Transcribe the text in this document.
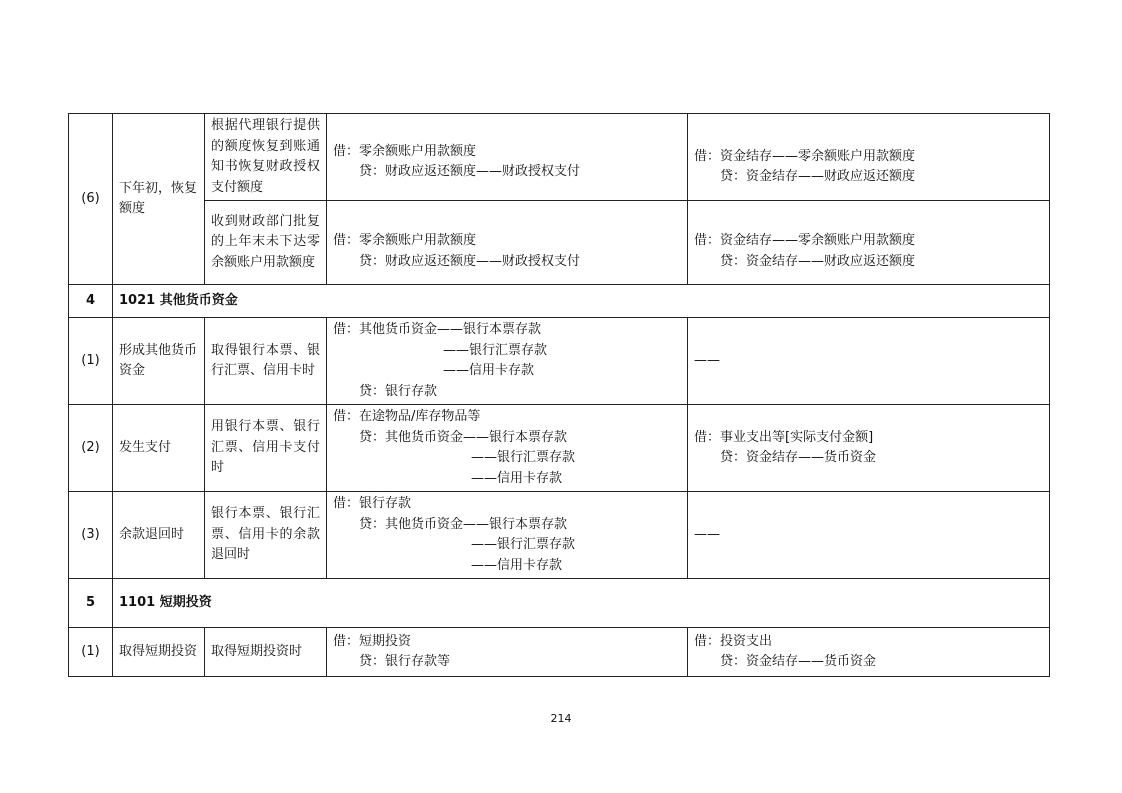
(6)	下年初，恢复额度	根据代理银行提供的额度恢复到账通知书恢复财政授权支付额度	借：零余额账户用款额度
贷：财政应返还额度——财政授权支付	借：资金结存——零余额账户用款额度
贷：资金结存——财政应返还额度

		收到财政部门批复的上年末未下达零余额账户用款额度	借：零余额账户用款额度
贷：财政应返还额度——财政授权支付	借：资金结存——零余额账户用款额度
贷：资金结存——财政应返还额度

4	1021 其他货币资金			
(1)	形成其他货币资金	取得银行本票、银行汇票、信用卡时	借：其他货币资金——银行本票存款
——银行汇票存款
——信用卡存款
贷：银行存款	——
(2)	发生支付	用银行本票、银行汇票、信用卡支付时	借：在途物品/库存物品等
贷：其他货币资金——银行本票存款
——银行汇票存款
——信用卡存款	借：事业支出等[实际支付金额]
贷：资金结存——货币资金

(3)	余款退回时	银行本票、银行汇票、信用卡的余款退回时	借：银行存款
贷：其他货币资金——银行本票存款
——银行汇票存款
——信用卡存款	——
5	1101 短期投资			
(1)	取得短期投资	取得短期投资时	借：短期投资
贷：银行存款等	借：投资支出
贷：资金结存——货币资金
214
